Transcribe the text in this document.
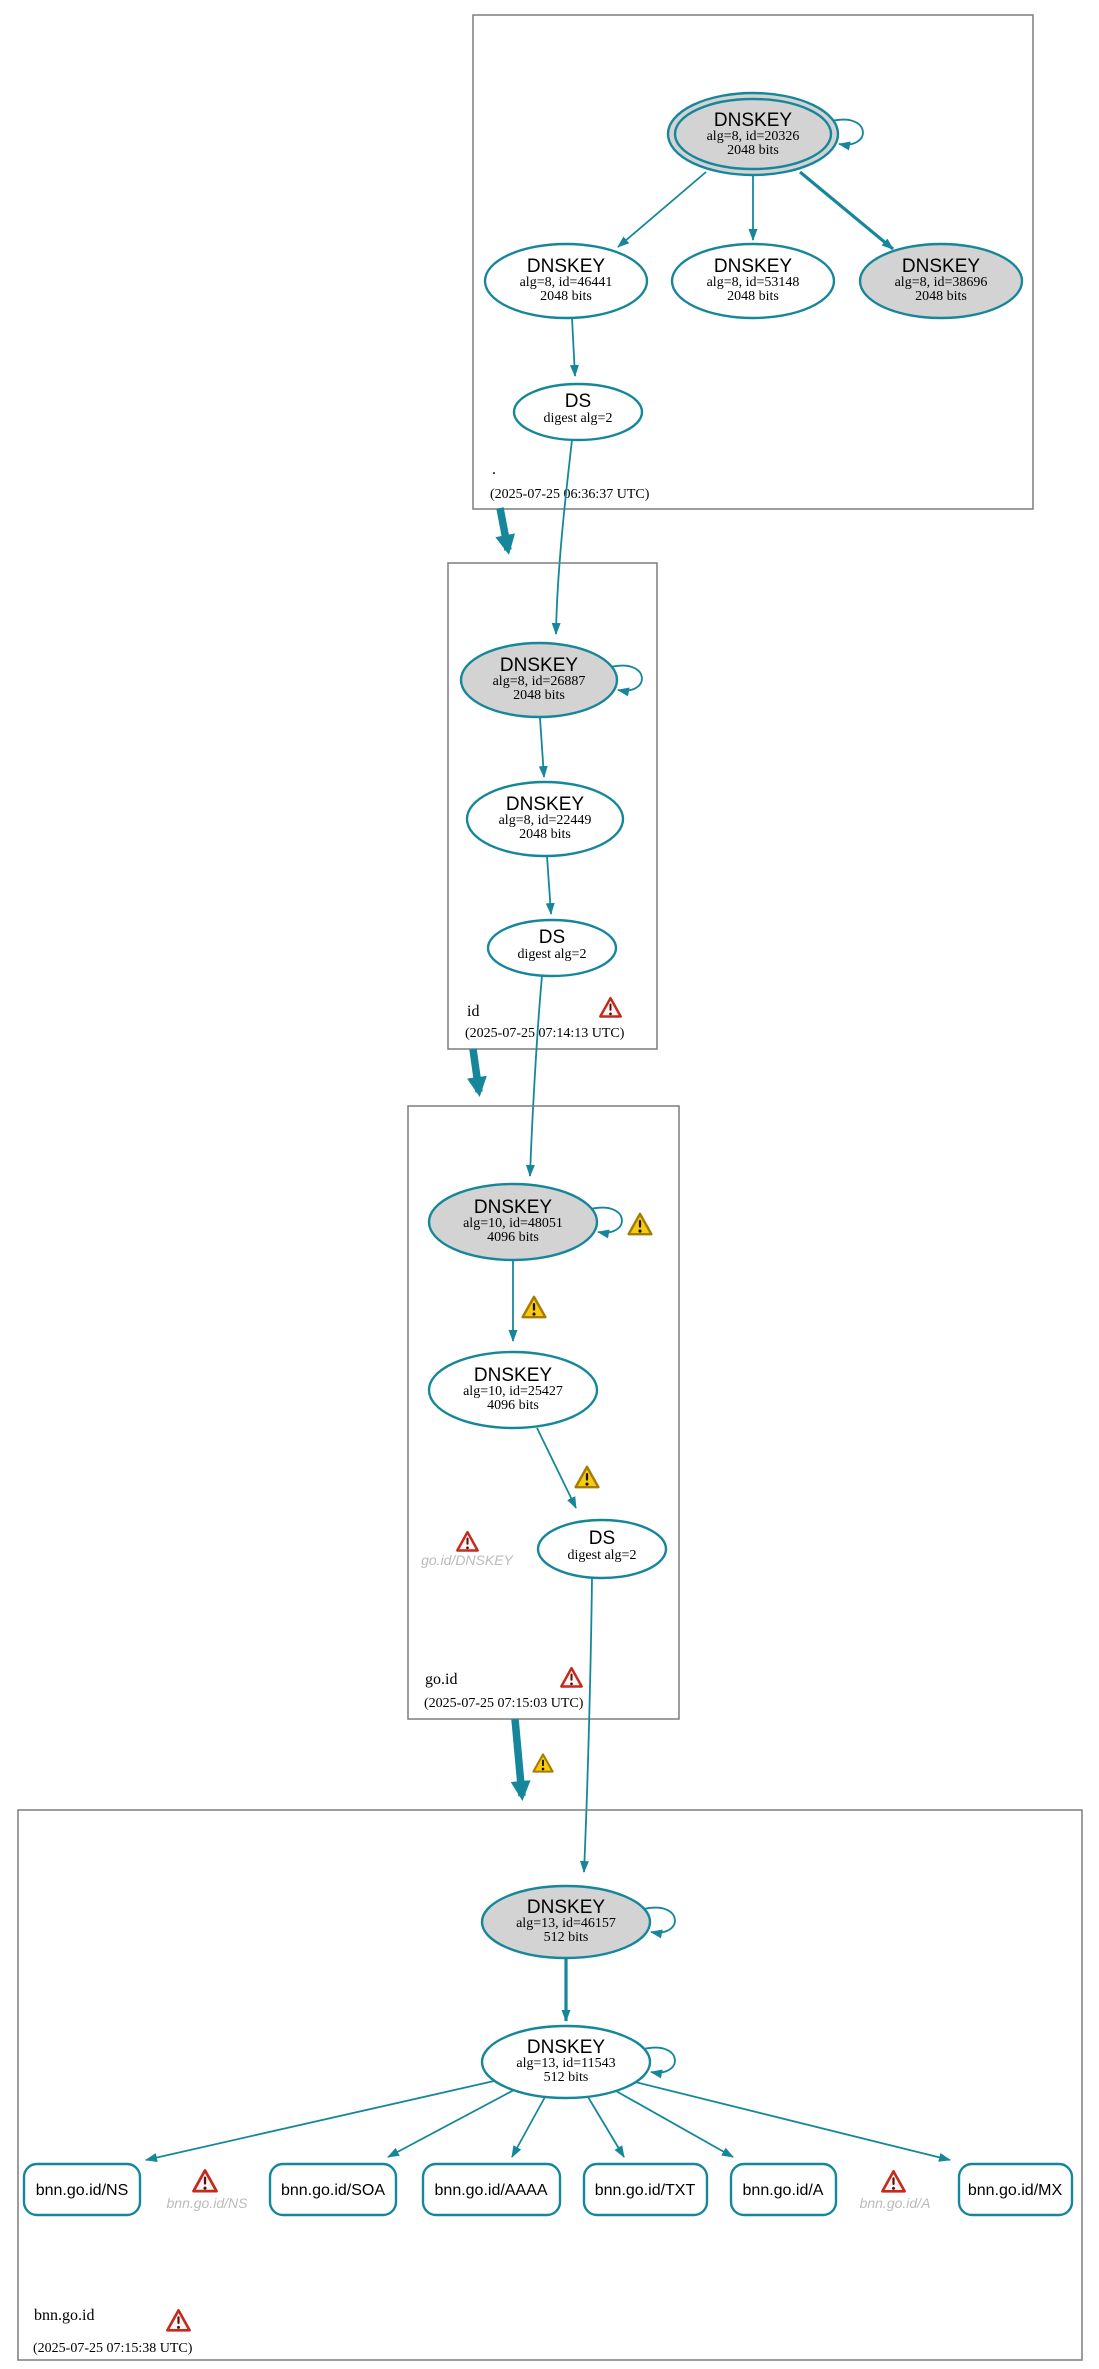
DNSKEY
alg=8, id=20326
2048 bits
DNSKEY
alg=8, id=46441
2048 bits
DNSKEY
alg=8, id=53148
2048 bits
DNSKEY
alg=8, id=38696
2048 bits
DS
digest alg=2
.
(2025-07-25 06:36:37 UTC)
DNSKEY
alg=8, id=26887
2048 bits
DNSKEY
alg=8, id=22449
2048 bits
DS
digest alg=2
id
(2025-07-25 07:14:13 UTC)
DNSKEY
alg=10, id=48051
4096 bits
DNSKEY
alg=10, id=25427
4096 bits
go.id/DNSKEY
DS
digest alg=2
go.id
(2025-07-25 07:15:03 UTC)
DNSKEY
alg=13, id=46157
512 bits
DNSKEY
alg=13, id=11543
512 bits
bnn.go.id/NS
bnn.go.id/NS
bnn.go.id/SOA	bnn.go.id/AAAA	bnn.go.id/TXT	bnn.go.id/A
bnn.go.id/A
bnn.go.id/MX
bnn.go.id
(2025-07-25 07:15:38 UTC)
